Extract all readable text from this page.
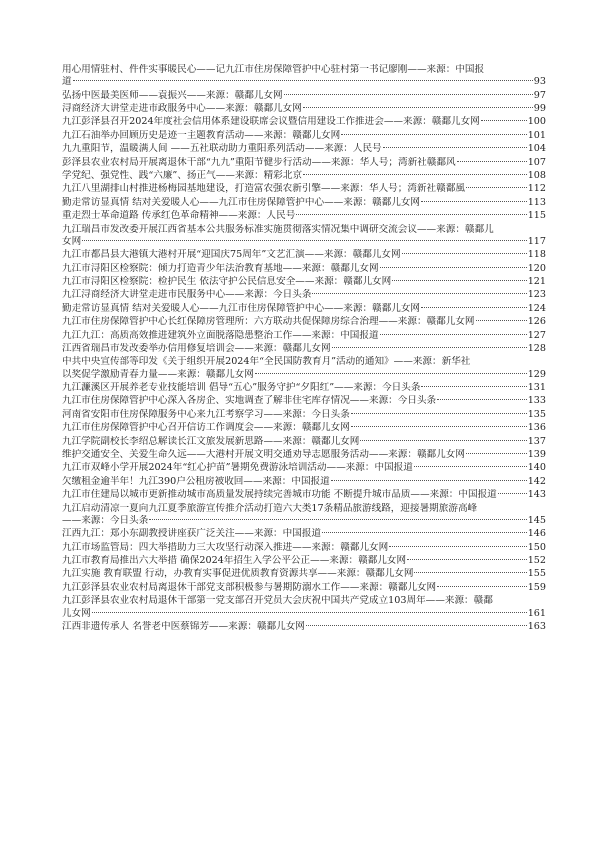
用心用情驻村、件件实事暖民心——记九江市住房保障管护中心驻村第一书记廖刚——来源：中国报
道	93
弘扬中医最美医师——袁振兴——来源：赣鄱儿女网	97
浔商经济大讲堂走进市政服务中心——来源：赣鄱儿女网	99
九江彭泽县召开2024年度社会信用体系建设联席会议暨信用建设工作推进会——来源：赣鄱儿女网	100
九江石油举办回顾历史是迹一主题教育活动——来源：赣鄱儿女网	101
九九重阳节，温暖满人间 ——五社联动助力重阳系列活动——来源：人民号	104
彭泽县农业农村局开展离退休干部“九九”重阳节健步行活动——来源：华人号；湾新社赣鄱风	107
学党纪、强党性、践“六廉”、扬正气——来源：精彩北京	108
九江八里湖排山村推进杨梅园基地建设，打造富农强农新引擎——来源：华人号；湾新社赣鄱風	112
勤走常访显真情 结对关爱暖人心——九江市住房保障管护中心——来源：赣鄱儿女网	113
重走烈士革命道路 传承红色革命精神——来源：人民号	115
九江瑞昌市发改委开展江西省基本公共服务标准实施贯彻落实情况集中调研交流会议——来源：赣鄱儿
女网	117
九江市都昌县大港镇大港村开展“迎国庆75周年”文艺汇演——来源：赣鄱儿女网	118
九江市浔阳区检察院：倾力打造青少年法治教育基地——来源：赣鄱儿女网	120
九江市浔阳区检察院：检护民生 依法守护公民信息安全——来源：赣鄱儿女网	121
九江浔商经济大讲堂走进市民服务中心——来源：今日头条	123
勤走常访显真情 结对关爱暖人心——九江市住房保障管护中心——来源：赣鄱儿女网	124
九江市住房保障管护中心长红保障房管理所：六方联动共促保障房综合治理——来源：赣鄱儿女网	126
九江九江：高质高效推进建筑外立面脱落隐患整治工作——来源：中国报道	127
江西省瑞昌市发改委举办信用修复培训会——来源：赣鄱儿女网	128
中共中央宣传部等印发《关于组织开展2024年“全民国防教育月”活动的通知》——来源：新华社
以奖促学激励青春力量——来源：赣鄱儿女网	129
九江濂溪区开展养老专业技能培训 倡导“五心”服务守护“夕阳红”——来源：今日头条	131
九江市住房保障管护中心深入各房企、实地调查了解非住宅库存情况——来源：今日头条	133
河南省安阳市住房保障服务中心来九江考察学习——来源：今日头条	135
九江市住房保障管护中心召开信访工作调度会——来源：赣鄱儿女网	136
九江学院副校长李绍总解读长江文旅发展新思路——来源：赣鄱儿女网	137
维护交通安全、关爱生命久远——大港村开展文明交通劝导志愿服务活动——来源：赣鄱儿女网	139
九江市双峰小学开展2024年“红心护苗”暑期免费游泳培训活动——来源：中国报道	140
欠缴租金逾半年！九江390户公租房被收回——来源：中国报道	142
九江市住建局以城市更新推动城市高质量发展持续完善城市功能 不断提升城市品质——来源：中国报道	143
九江启动清凉一夏向九江夏季旅游宣传推介活动打造六大类17条精品旅游线路，迎接暑期旅游高峰
——来源：今日头条	145
江西九江：郑小东副教授讲座获广泛关注——来源：中国报道	146
九江市场监管局：四大举措助力三大攻坚行动深入推进——来源：赣鄱儿女网	150
九江市教育局推出六大举措 确保2024年招生入学公平公正——来源：赣鄱儿女网	152
九江实施 教育联盟 行动，办教育实事促进优质教育资源共享——来源：赣鄱儿女网	155
九江彭泽县农业农村局离退休干部党支部积极参与暑期防溺水工作——来源：赣鄱儿女网	159
九江彭泽县农业农村局退休干部第一党支部召开党员大会庆祝中国共产党成立103周年——来源：赣鄱
儿女网	161
江西非遗传承人 名誉老中医蔡锦芳——来源：赣鄱儿女网	163
